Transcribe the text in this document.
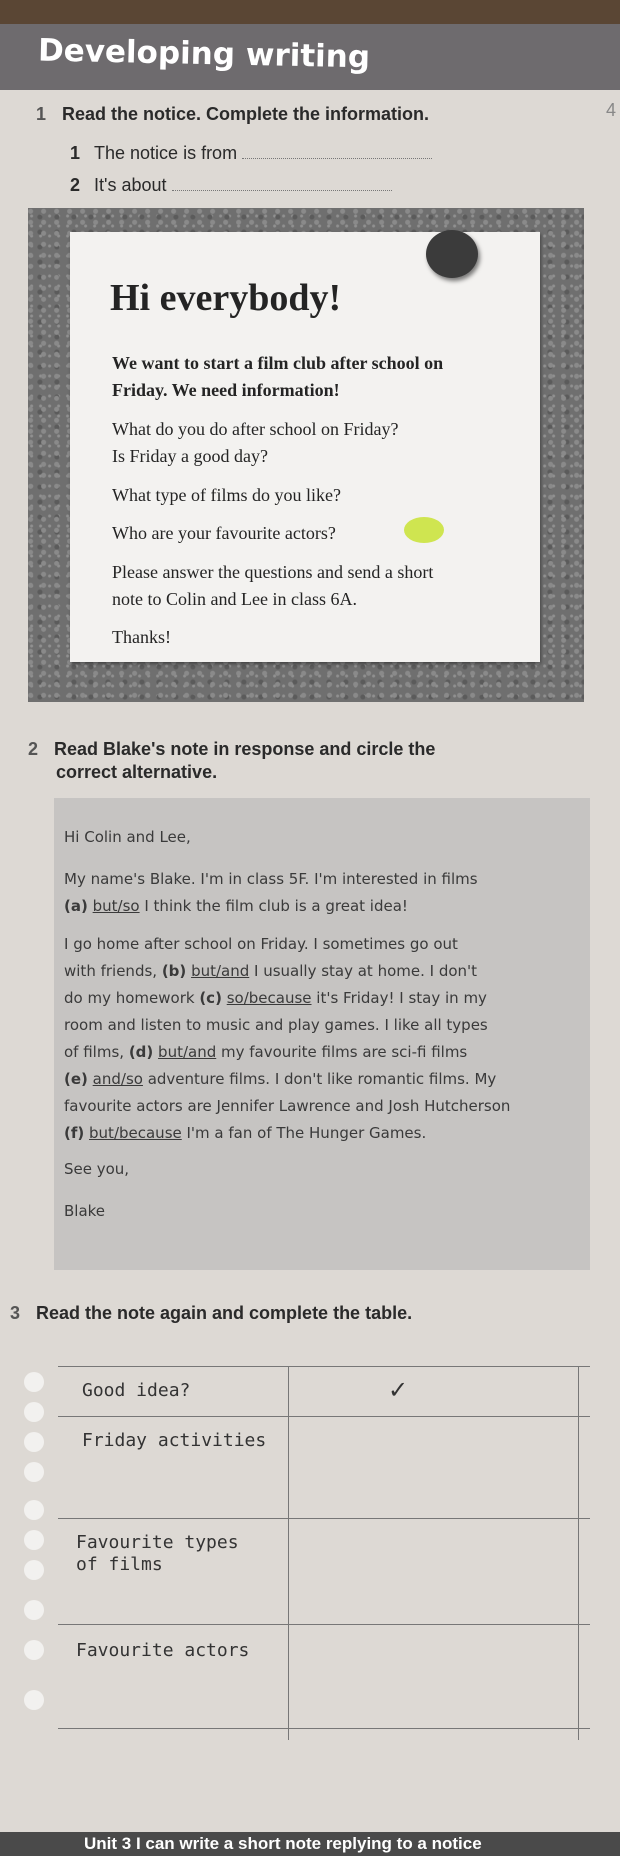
Developing writing
4
1 Read the notice. Complete the information.
1 The notice is from
2 It's about
Hi everybody!
We want to start a film club after school on
Friday. We need information!
What do you do after school on Friday?
Is Friday a good day?
What type of films do you like?
Who are your favourite actors?
Please answer the questions and send a short
note to Colin and Lee in class 6A.
Thanks!
2 Read Blake's note in response and circle the
correct alternative.
Hi Colin and Lee,
My name's Blake. I'm in class 5F. I'm interested in films
(a) but/so I think the film club is a great idea!
I go home after school on Friday. I sometimes go out
with friends, (b) but/and I usually stay at home. I don't
do my homework (c) so/because it's Friday! I stay in my
room and listen to music and play games. I like all types
of films, (d) but/and my favourite films are sci-fi films
(e) and/so adventure films. I don't like romantic films. My
favourite actors are Jennifer Lawrence and Josh Hutcherson
(f) but/because I'm a fan of The Hunger Games.
See you,
Blake
3 Read the note again and complete the table.
Good idea?	✓
Friday activities
Favourite types
of films
Favourite actors
Unit 3 I can write a short note replying to a notice
